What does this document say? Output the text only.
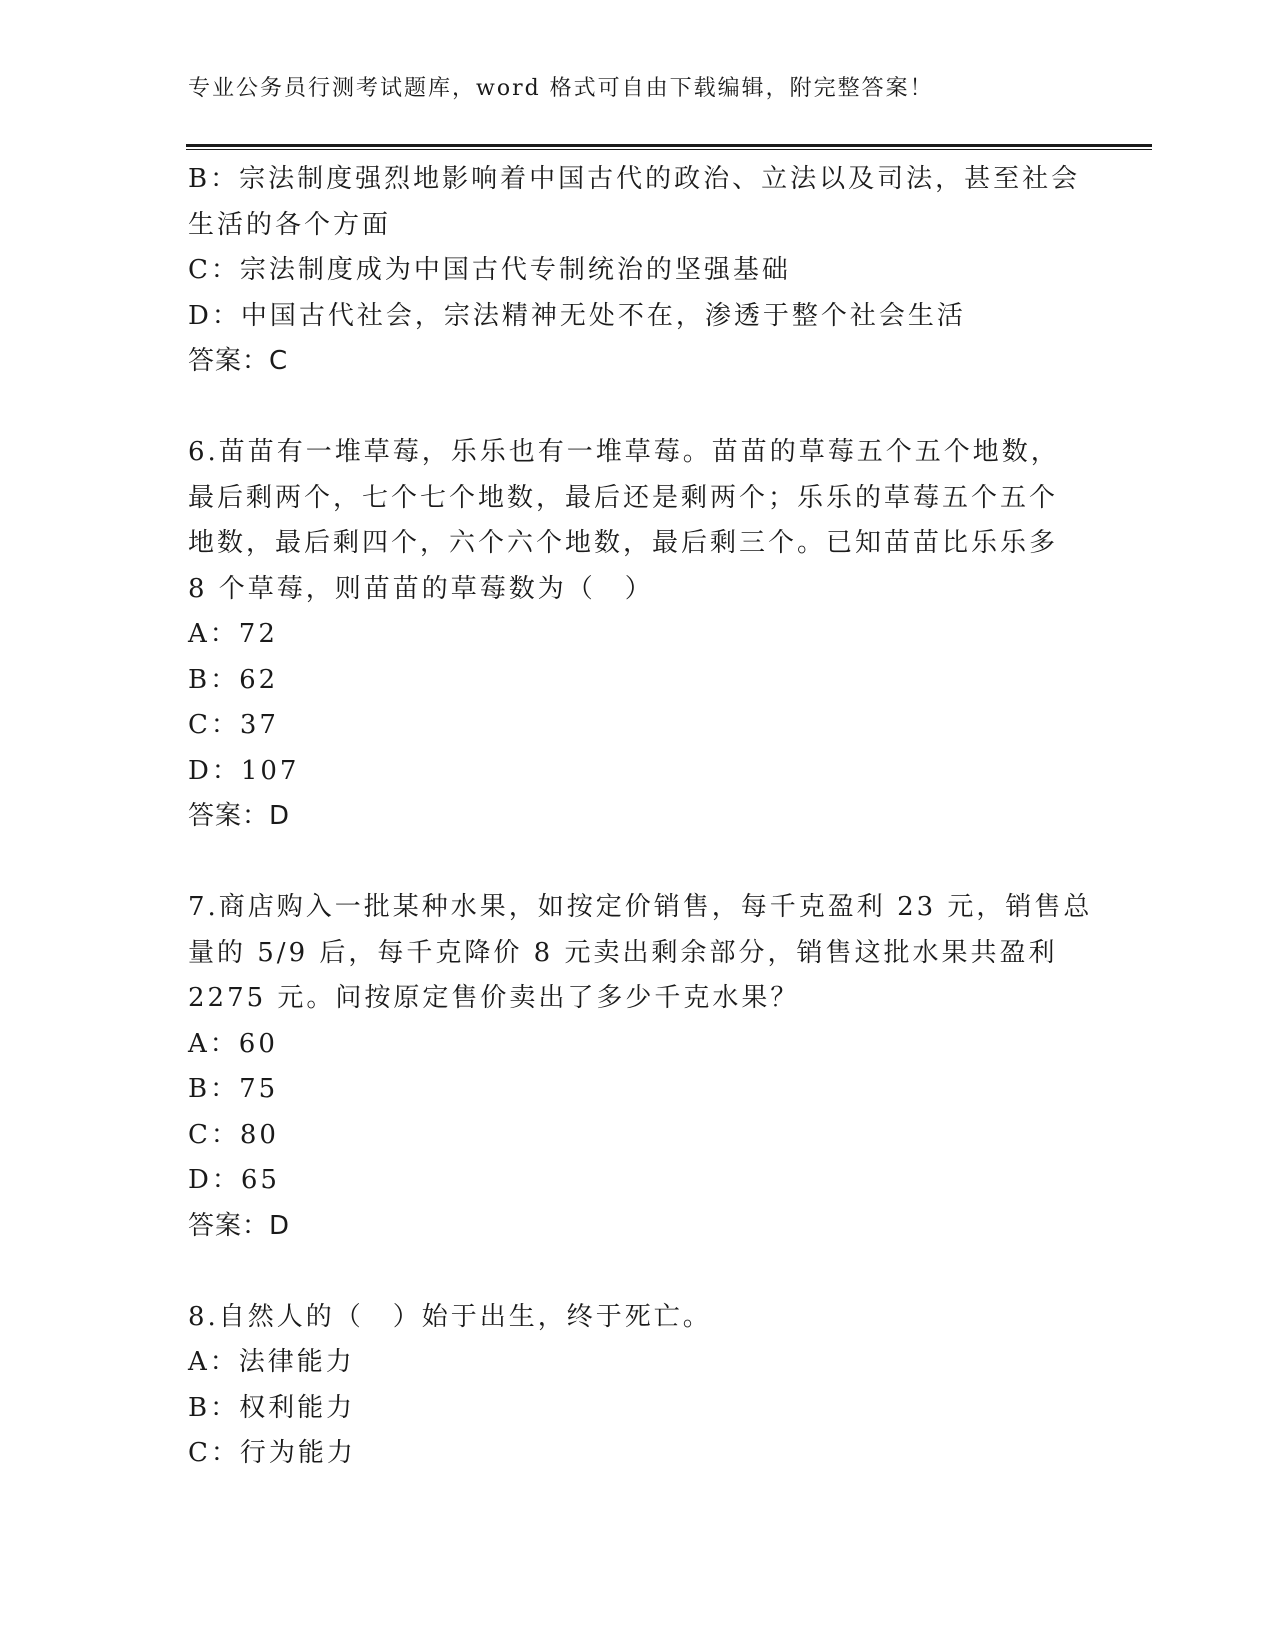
专业公务员行测考试题库，word 格式可自由下载编辑，附完整答案！
B：宗法制度强烈地影响着中国古代的政治、立法以及司法，甚至社会
生活的各个方面
C：宗法制度成为中国古代专制统治的坚强基础
D：中国古代社会，宗法精神无处不在，渗透于整个社会生活
答案：C
6.苗苗有一堆草莓，乐乐也有一堆草莓。苗苗的草莓五个五个地数，
最后剩两个，七个七个地数，最后还是剩两个；乐乐的草莓五个五个
地数，最后剩四个，六个六个地数，最后剩三个。已知苗苗比乐乐多
8 个草莓，则苗苗的草莓数为（　）
A：72
B：62
C：37
D：107
答案：D
7.商店购入一批某种水果，如按定价销售，每千克盈利 23 元，销售总
量的 5/9 后，每千克降价 8 元卖出剩余部分，销售这批水果共盈利
2275 元。问按原定售价卖出了多少千克水果？
A：60
B：75
C：80
D：65
答案：D
8.自然人的（　）始于出生，终于死亡。
A：法律能力
B：权利能力
C：行为能力
